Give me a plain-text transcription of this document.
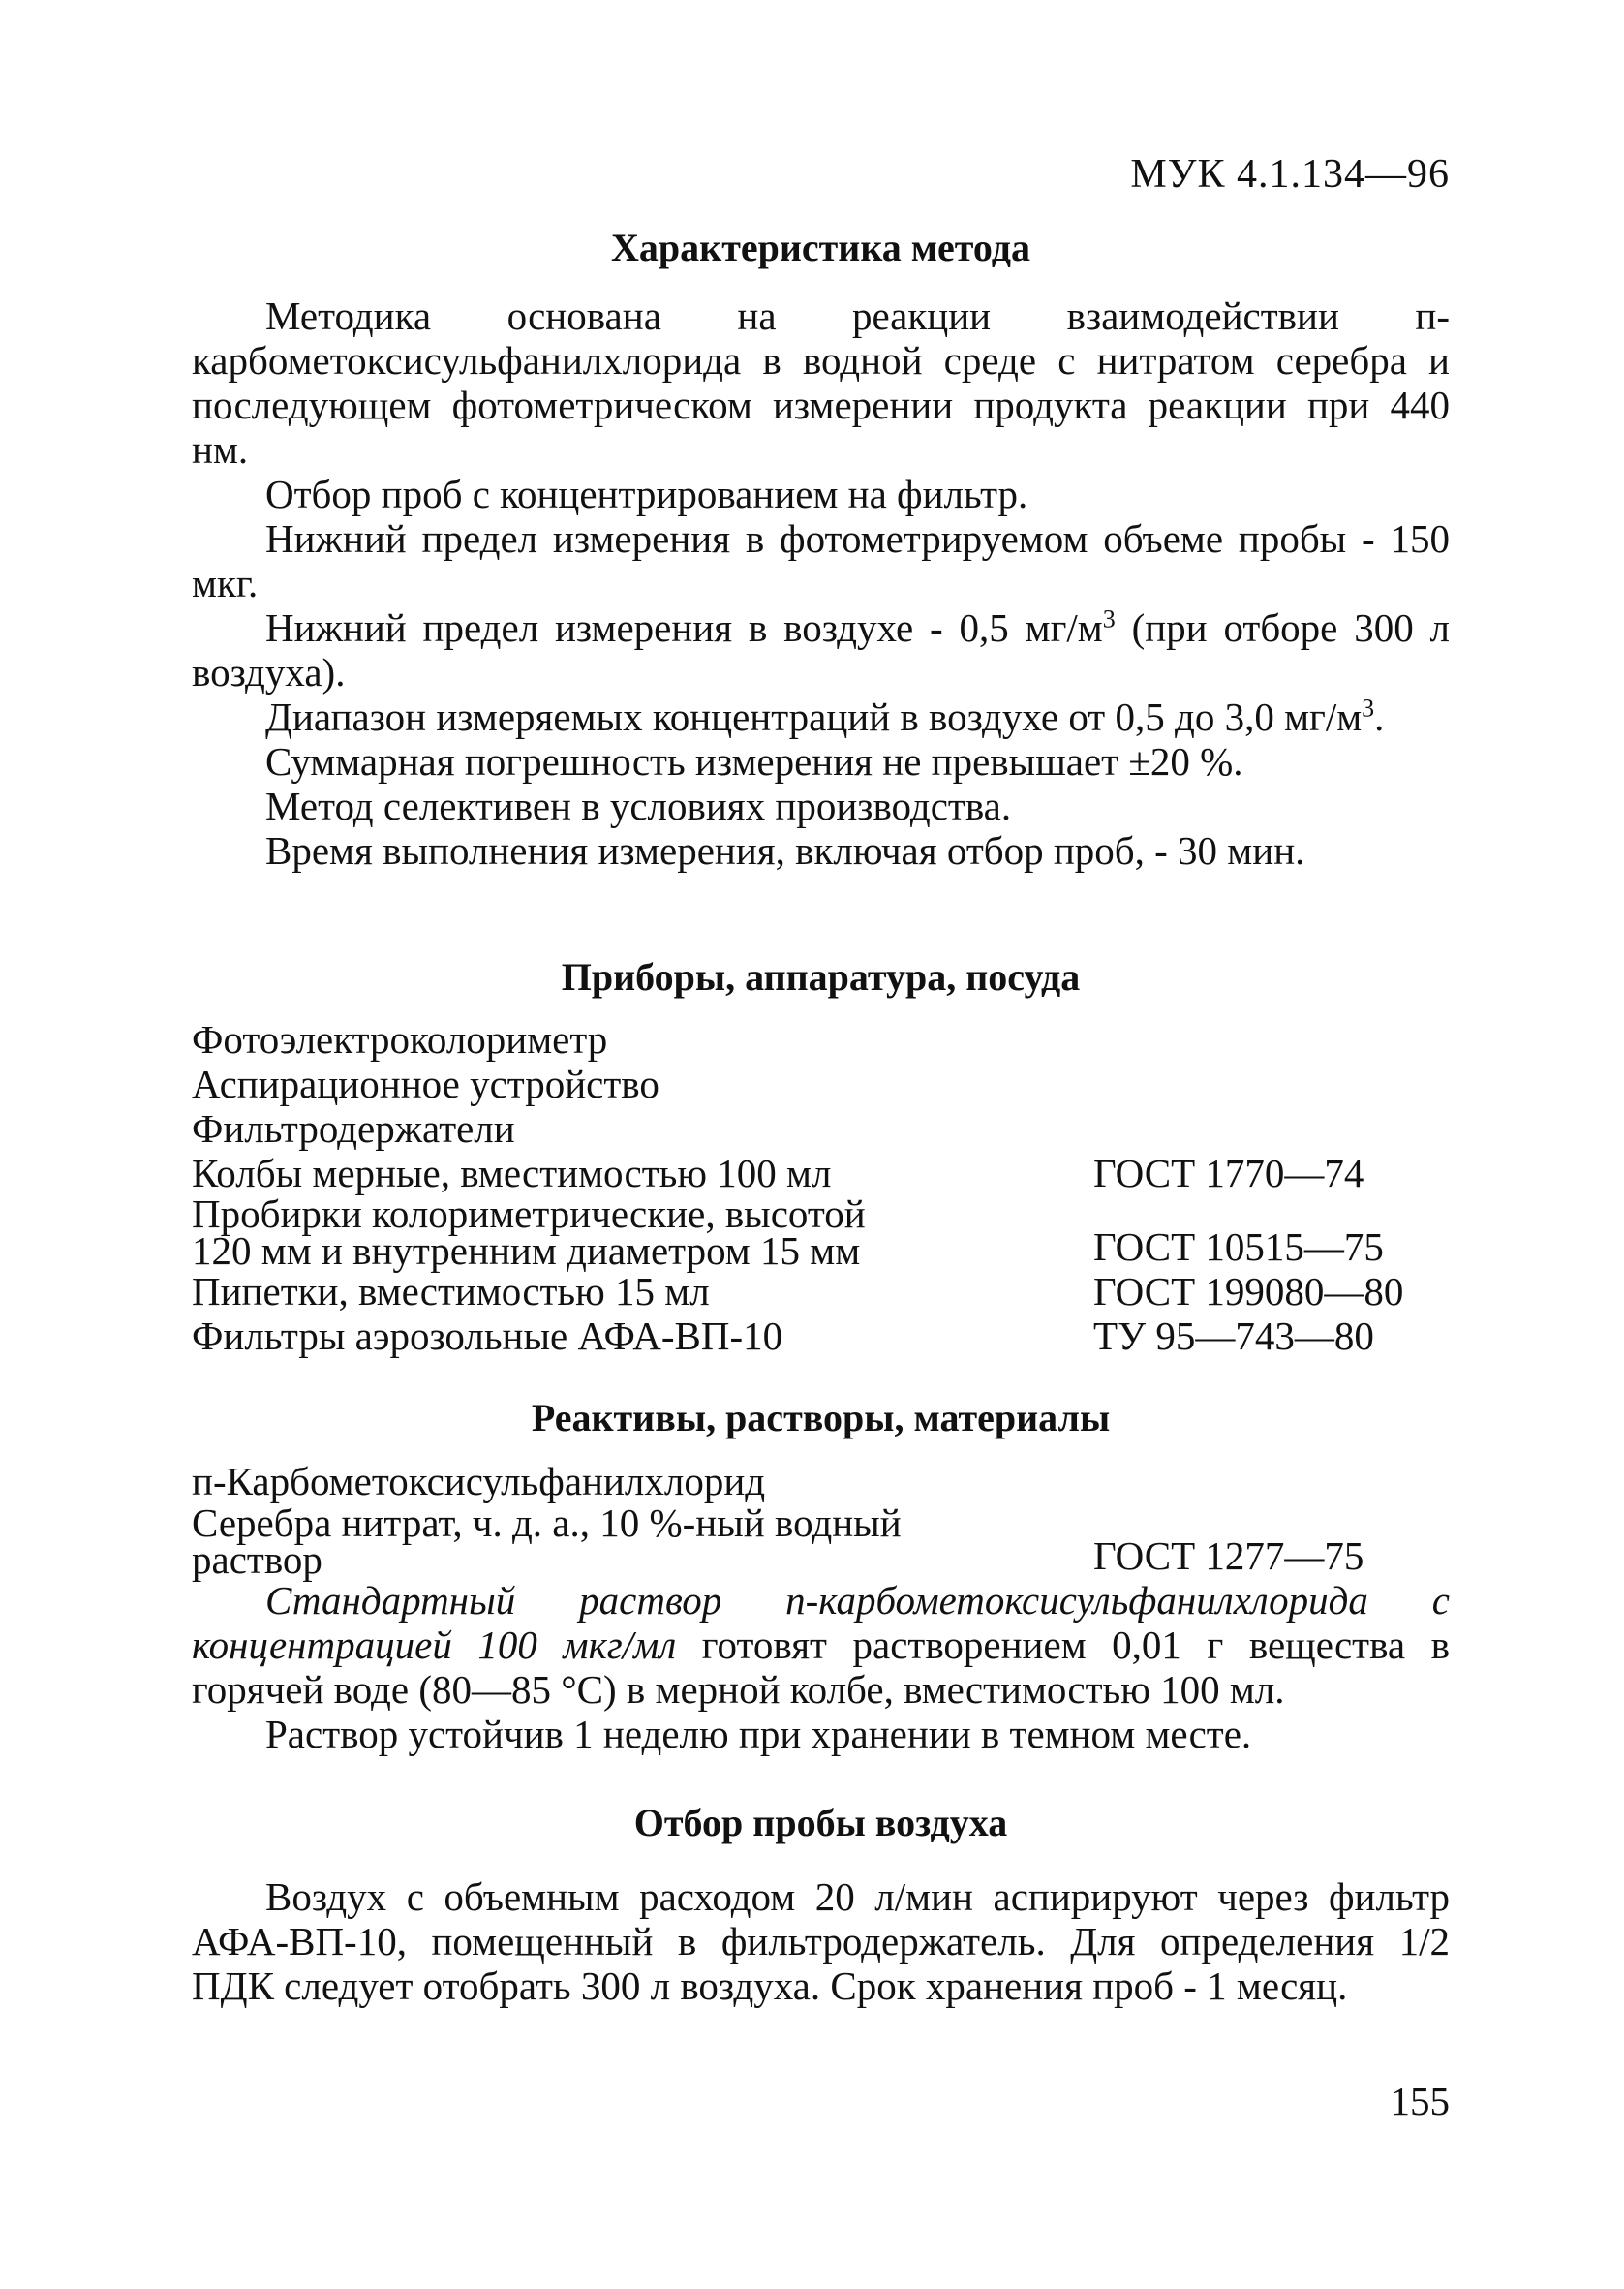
МУК 4.1.134—96
Характеристика метода

Методика основана на реакции взаимодействии п-карбометоксисульфанилхлорида в водной среде с нитратом серебра и последующем фотометрическом измерении продукта реакции при 440 нм.

Отбор проб с концентрированием на фильтр.

Нижний предел измерения в фотометрируемом объеме пробы - 150 мкг.

Нижний предел измерения в воздухе - 0,5 $мг/м^3$ (при отборе 300 л воздуха).

Диапазон измеряемых концентраций в воздухе от 0,5 до 3,0 $мг/м^3$.

Суммарная погрешность измерения не превышает ±20 %.

Метод селективен в условиях производства.

Время выполнения измерения, включая отбор проб, - 30 мин.

Приборы, аппаратура, посуда
Фотоэлектроколориметр
Аспирационное устройство
Фильтродержатели
Колбы мерные, вместимостью 100 мл	ГОСТ 1770—74
Пробирки колориметрические, высотой
120 мм и внутренним диаметром 15 мм	ГОСТ 10515—75
Пипетки, вместимостью 15 мл	ГОСТ 199080—80
Фильтры аэрозольные АФА-ВП-10	ТУ 95—743—80
Реактивы, растворы, материалы
п-Карбометоксисульфанилхлорид
Серебра нитрат, ч. д. а., 10 %-ный водный
раствор	ГОСТ 1277—75

Стандартный раствор п-карбометоксисульфанилхлорида с концентрацией 100 мкг/мл готовят растворением 0,01 г вещества в горячей воде (80—85 °С) в мерной колбе, вместимостью 100 мл.

Раствор устойчив 1 неделю при хранении в темном месте.

Отбор пробы воздуха

Воздух с объемным расходом 20 л/мин аспирируют через фильтр АФА-ВП-10, помещенный в фильтродержатель. Для определения 1/2 ПДК следует отобрать 300 л воздуха. Срок хранения проб - 1 месяц.

155
